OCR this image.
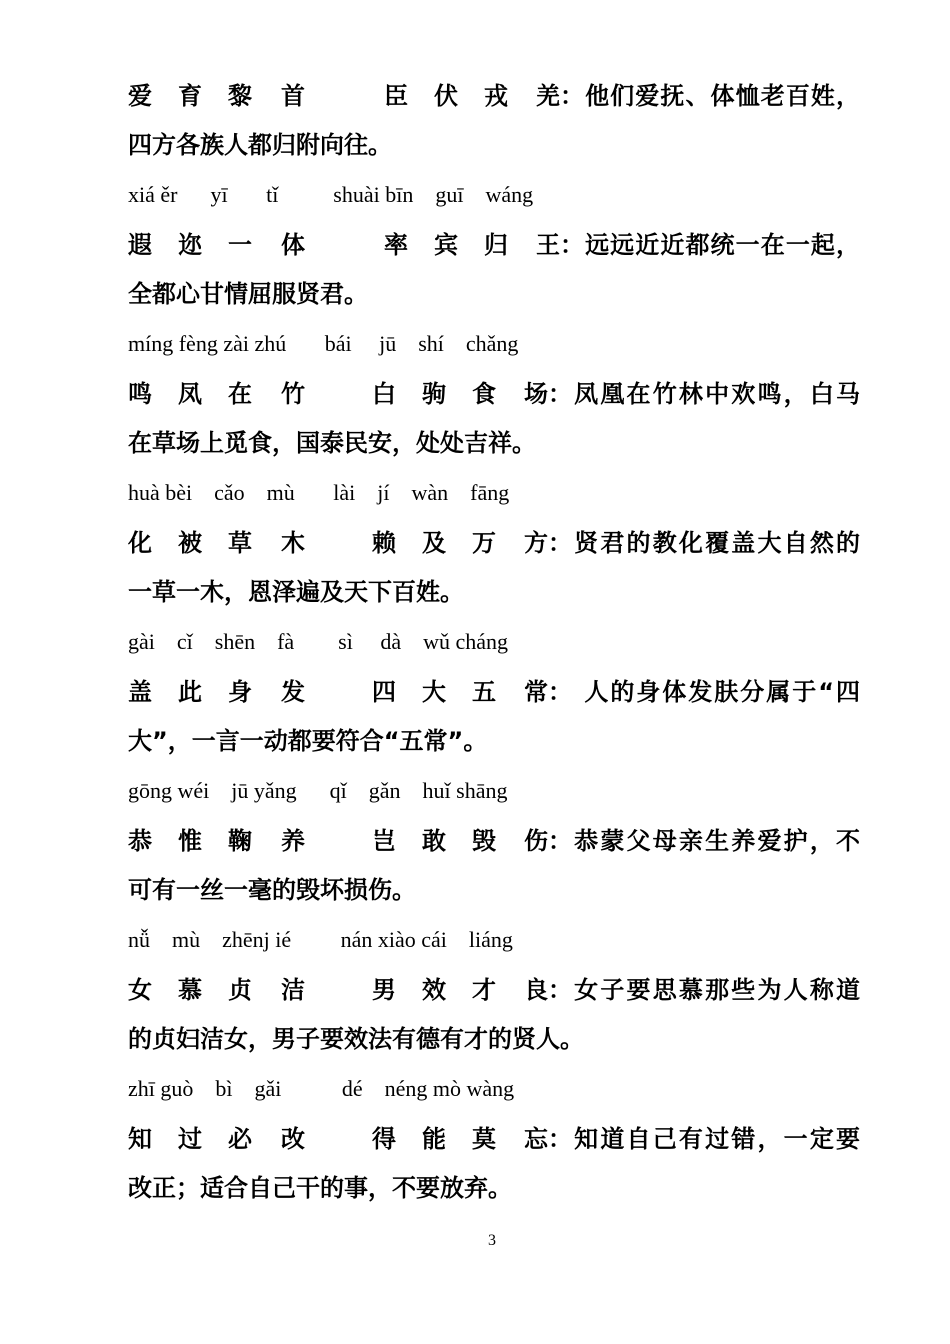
爱 育 黎 首	臣 伏 戎 羌 ：他们爱抚、体恤老百姓，
四方各族人都归附向往。
xiá ěr      yī       tǐ          shuài bīn    guī    wáng
遐 迩 一 体	率 宾 归 王 ：远远近近都统一在一起，
全都心甘情屈服贤君。
míng fèng zài zhú       bái     jū    shí    chǎng
鸣 凤 在 竹	白 驹 食 场 ：凤凰在竹林中欢鸣，白马
在草场上觅食，国泰民安，处处吉祥。
huà bèi    cǎo    mù       lài    jí    wàn    fāng
化 被 草 木	赖 及 万 方 ：贤君的教化覆盖大自然的
一草一木，恩泽遍及天下百姓。
gài    cǐ    shēn    fà        sì     dà    wǔ cháng
盖 此 身 发	四 大 五 常 ： 人的身体发肤分属于“四
大”，一言一动都要符合“五常”。
gōng wéi    jū yǎng      qǐ    gǎn    huǐ shāng
恭 惟 鞠 养	岂 敢 毁 伤 ：恭蒙父母亲生养爱护，不
可有一丝一毫的毁坏损伤。
nǚ    mù    zhēnj ié         nán xiào cái    liáng
女 慕 贞 洁	男 效 才 良 ：女子要思慕那些为人称道
的贞妇洁女，男子要效法有德有才的贤人。
zhī guò    bì    gǎi           dé    néng mò wàng
知 过 必 改	得 能 莫 忘 ：知道自己有过错，一定要
改正；适合自己干的事，不要放弃。
3
